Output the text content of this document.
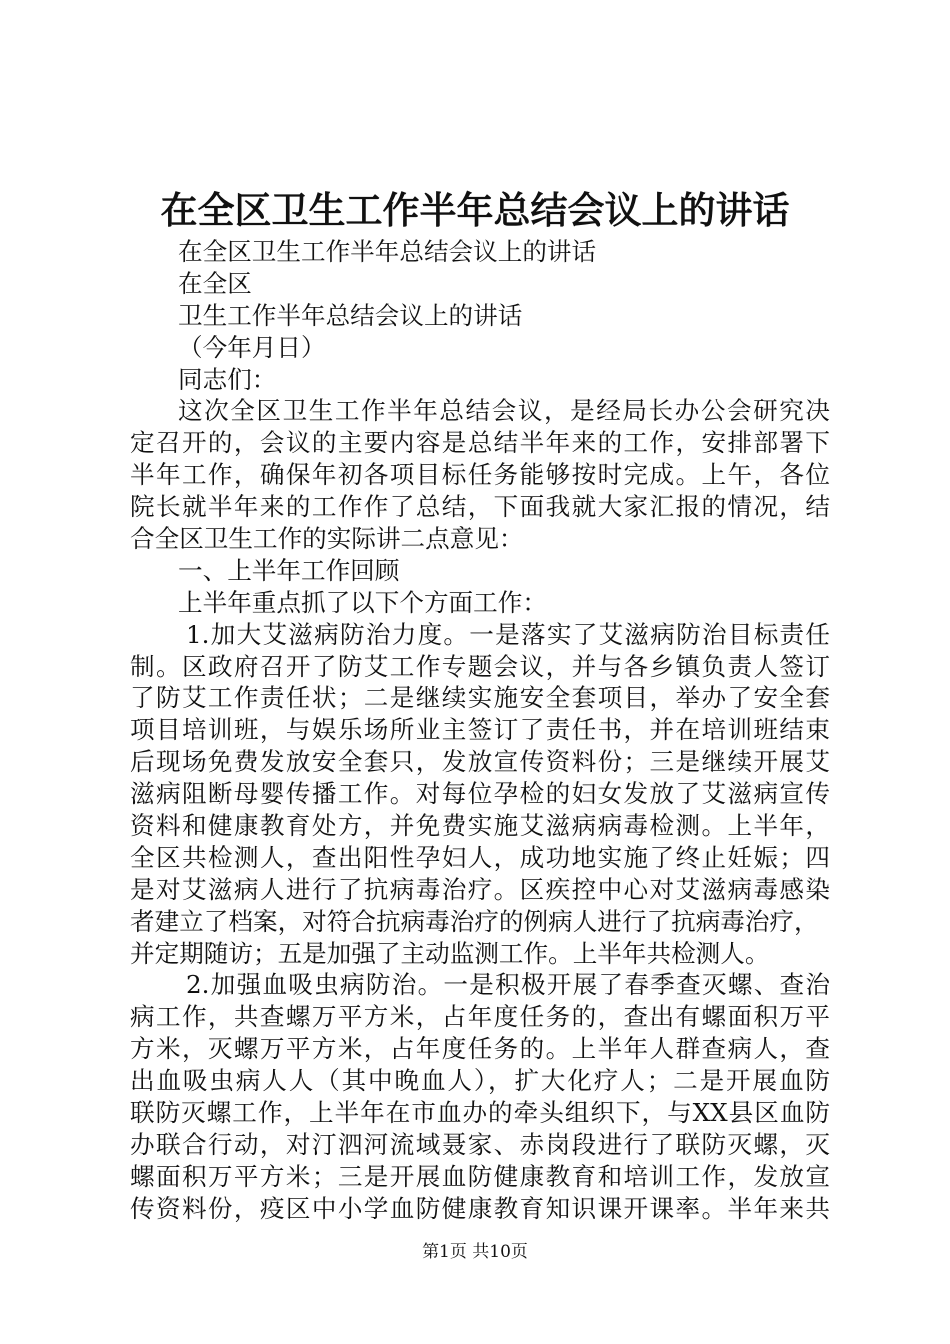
在全区卫生工作半年总结会议上的讲话
在全区卫生工作半年总结会议上的讲话
在全区
卫生工作半年总结会议上的讲话
（今年月日）
同志们：
这次全区卫生工作半年总结会议，是经局长办公会研究决
定召开的，会议的主要内容是总结半年来的工作，安排部署下
半年工作，确保年初各项目标任务能够按时完成。上午，各位
院长就半年来的工作作了总结，下面我就大家汇报的情况，结
合全区卫生工作的实际讲二点意见：
一、上半年工作回顾
上半年重点抓了以下个方面工作：
1.加大艾滋病防治力度。一是落实了艾滋病防治目标责任
制。区政府召开了防艾工作专题会议，并与各乡镇负责人签订
了防艾工作责任状；二是继续实施安全套项目，举办了安全套
项目培训班，与娱乐场所业主签订了责任书，并在培训班结束
后现场免费发放安全套只，发放宣传资料份；三是继续开展艾
滋病阻断母婴传播工作。对每位孕检的妇女发放了艾滋病宣传
资料和健康教育处方，并免费实施艾滋病病毒检测。上半年，
全区共检测人，查出阳性孕妇人，成功地实施了终止妊娠；四
是对艾滋病人进行了抗病毒治疗。区疾控中心对艾滋病毒感染
者建立了档案，对符合抗病毒治疗的例病人进行了抗病毒治疗，
并定期随访；五是加强了主动监测工作。上半年共检测人。
2.加强血吸虫病防治。一是积极开展了春季查灭螺、查治
病工作，共查螺万平方米，占年度任务的，查出有螺面积万平
方米，灭螺万平方米，占年度任务的。上半年人群查病人，查
出血吸虫病人人（其中晚血人），扩大化疗人；二是开展血防
联防灭螺工作，上半年在市血办的牵头组织下，与XX县区血防
办联合行动，对汀泗河流域聂家、赤岗段进行了联防灭螺，灭
螺面积万平方米；三是开展血防健康教育和培训工作，发放宣
传资料份，疫区中小学血防健康教育知识课开课率。半年来共
第1页 共10页
